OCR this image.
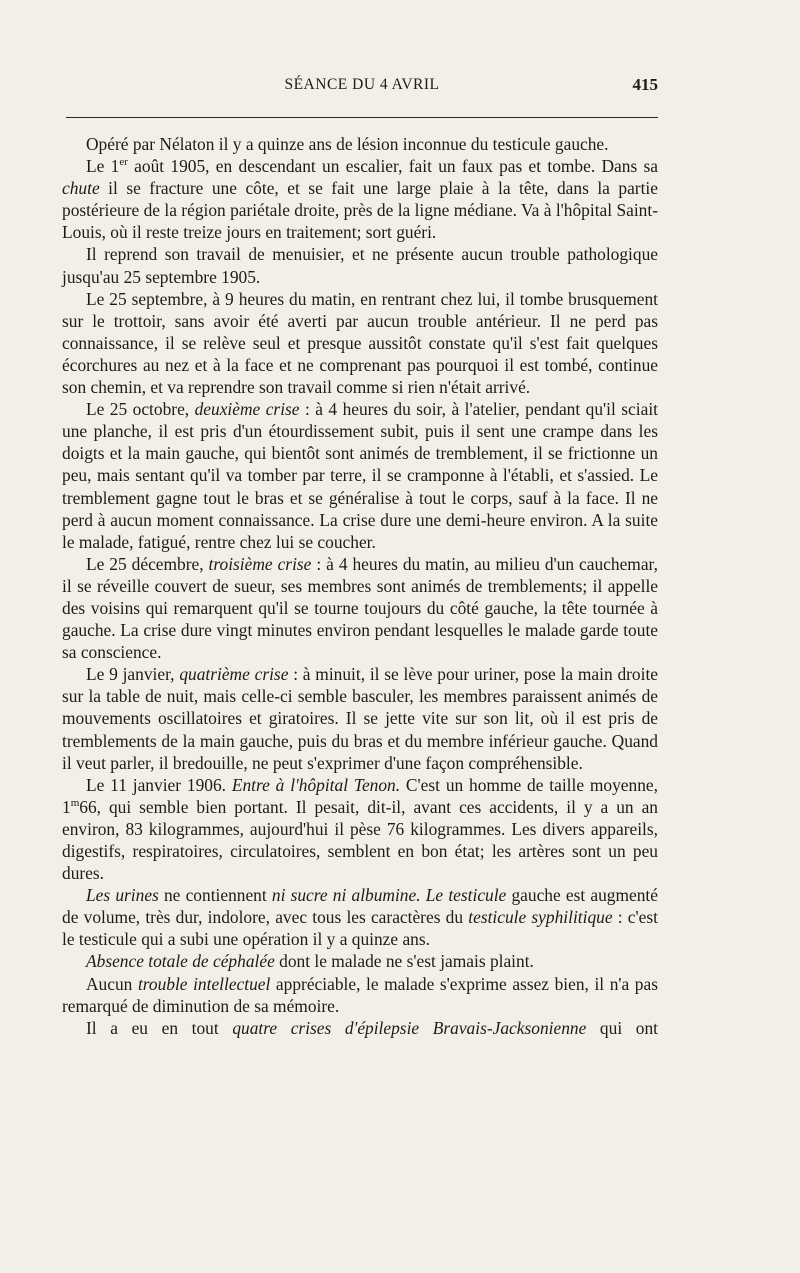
SÉANCE DU 4 AVRIL	415

Opéré par Nélaton il y a quinze ans de lésion inconnue du testicule gauche.

Le 1er août 1905, en descendant un escalier, fait un faux pas et tombe. Dans sa chute il se fracture une côte, et se fait une large plaie à la tête, dans la partie postérieure de la région pariétale droite, près de la ligne médiane. Va à l'hôpital Saint-Louis, où il reste treize jours en traitement; sort guéri.

Il reprend son travail de menuisier, et ne présente aucun trouble pathologique jusqu'au 25 septembre 1905.

Le 25 septembre, à 9 heures du matin, en rentrant chez lui, il tombe brusquement sur le trottoir, sans avoir été averti par aucun trouble antérieur. Il ne perd pas connaissance, il se relève seul et presque aussitôt constate qu'il s'est fait quelques écorchures au nez et à la face et ne comprenant pas pourquoi il est tombé, continue son chemin, et va reprendre son travail comme si rien n'était arrivé.

Le 25 octobre, deuxième crise : à 4 heures du soir, à l'atelier, pendant qu'il sciait une planche, il est pris d'un étourdissement subit, puis il sent une crampe dans les doigts et la main gauche, qui bientôt sont animés de tremblement, il se frictionne un peu, mais sentant qu'il va tomber par terre, il se cramponne à l'établi, et s'assied. Le tremblement gagne tout le bras et se généralise à tout le corps, sauf à la face. Il ne perd à aucun moment connaissance. La crise dure une demi-heure environ. A la suite le malade, fatigué, rentre chez lui se coucher.

Le 25 décembre, troisième crise : à 4 heures du matin, au milieu d'un cauchemar, il se réveille couvert de sueur, ses membres sont animés de tremblements; il appelle des voisins qui remarquent qu'il se tourne toujours du côté gauche, la tête tournée à gauche. La crise dure vingt minutes environ pendant lesquelles le malade garde toute sa conscience.

Le 9 janvier, quatrième crise : à minuit, il se lève pour uriner, pose la main droite sur la table de nuit, mais celle-ci semble basculer, les membres paraissent animés de mouvements oscillatoires et giratoires. Il se jette vite sur son lit, où il est pris de tremblements de la main gauche, puis du bras et du membre inférieur gauche. Quand il veut parler, il bredouille, ne peut s'exprimer d'une façon compréhensible.

Le 11 janvier 1906. Entre à l'hôpital Tenon. C'est un homme de taille moyenne, 1$^m$66, qui semble bien portant. Il pesait, dit-il, avant ces accidents, il y a un an environ, 83 kilogrammes, aujourd'hui il pèse 76 kilogrammes. Les divers appareils, digestifs, respiratoires, circulatoires, semblent en bon état; les artères sont un peu dures.

Les urines ne contiennent ni sucre ni albumine. Le testicule gauche est augmenté de volume, très dur, indolore, avec tous les caractères du testicule syphilitique : c'est le testicule qui a subi une opération il y a quinze ans.

Absence totale de céphalée dont le malade ne s'est jamais plaint.

Aucun trouble intellectuel appréciable, le malade s'exprime assez bien, il n'a pas remarqué de diminution de sa mémoire.

Il a eu en tout quatre crises d'épilepsie Bravais-Jacksonienne qui ont
